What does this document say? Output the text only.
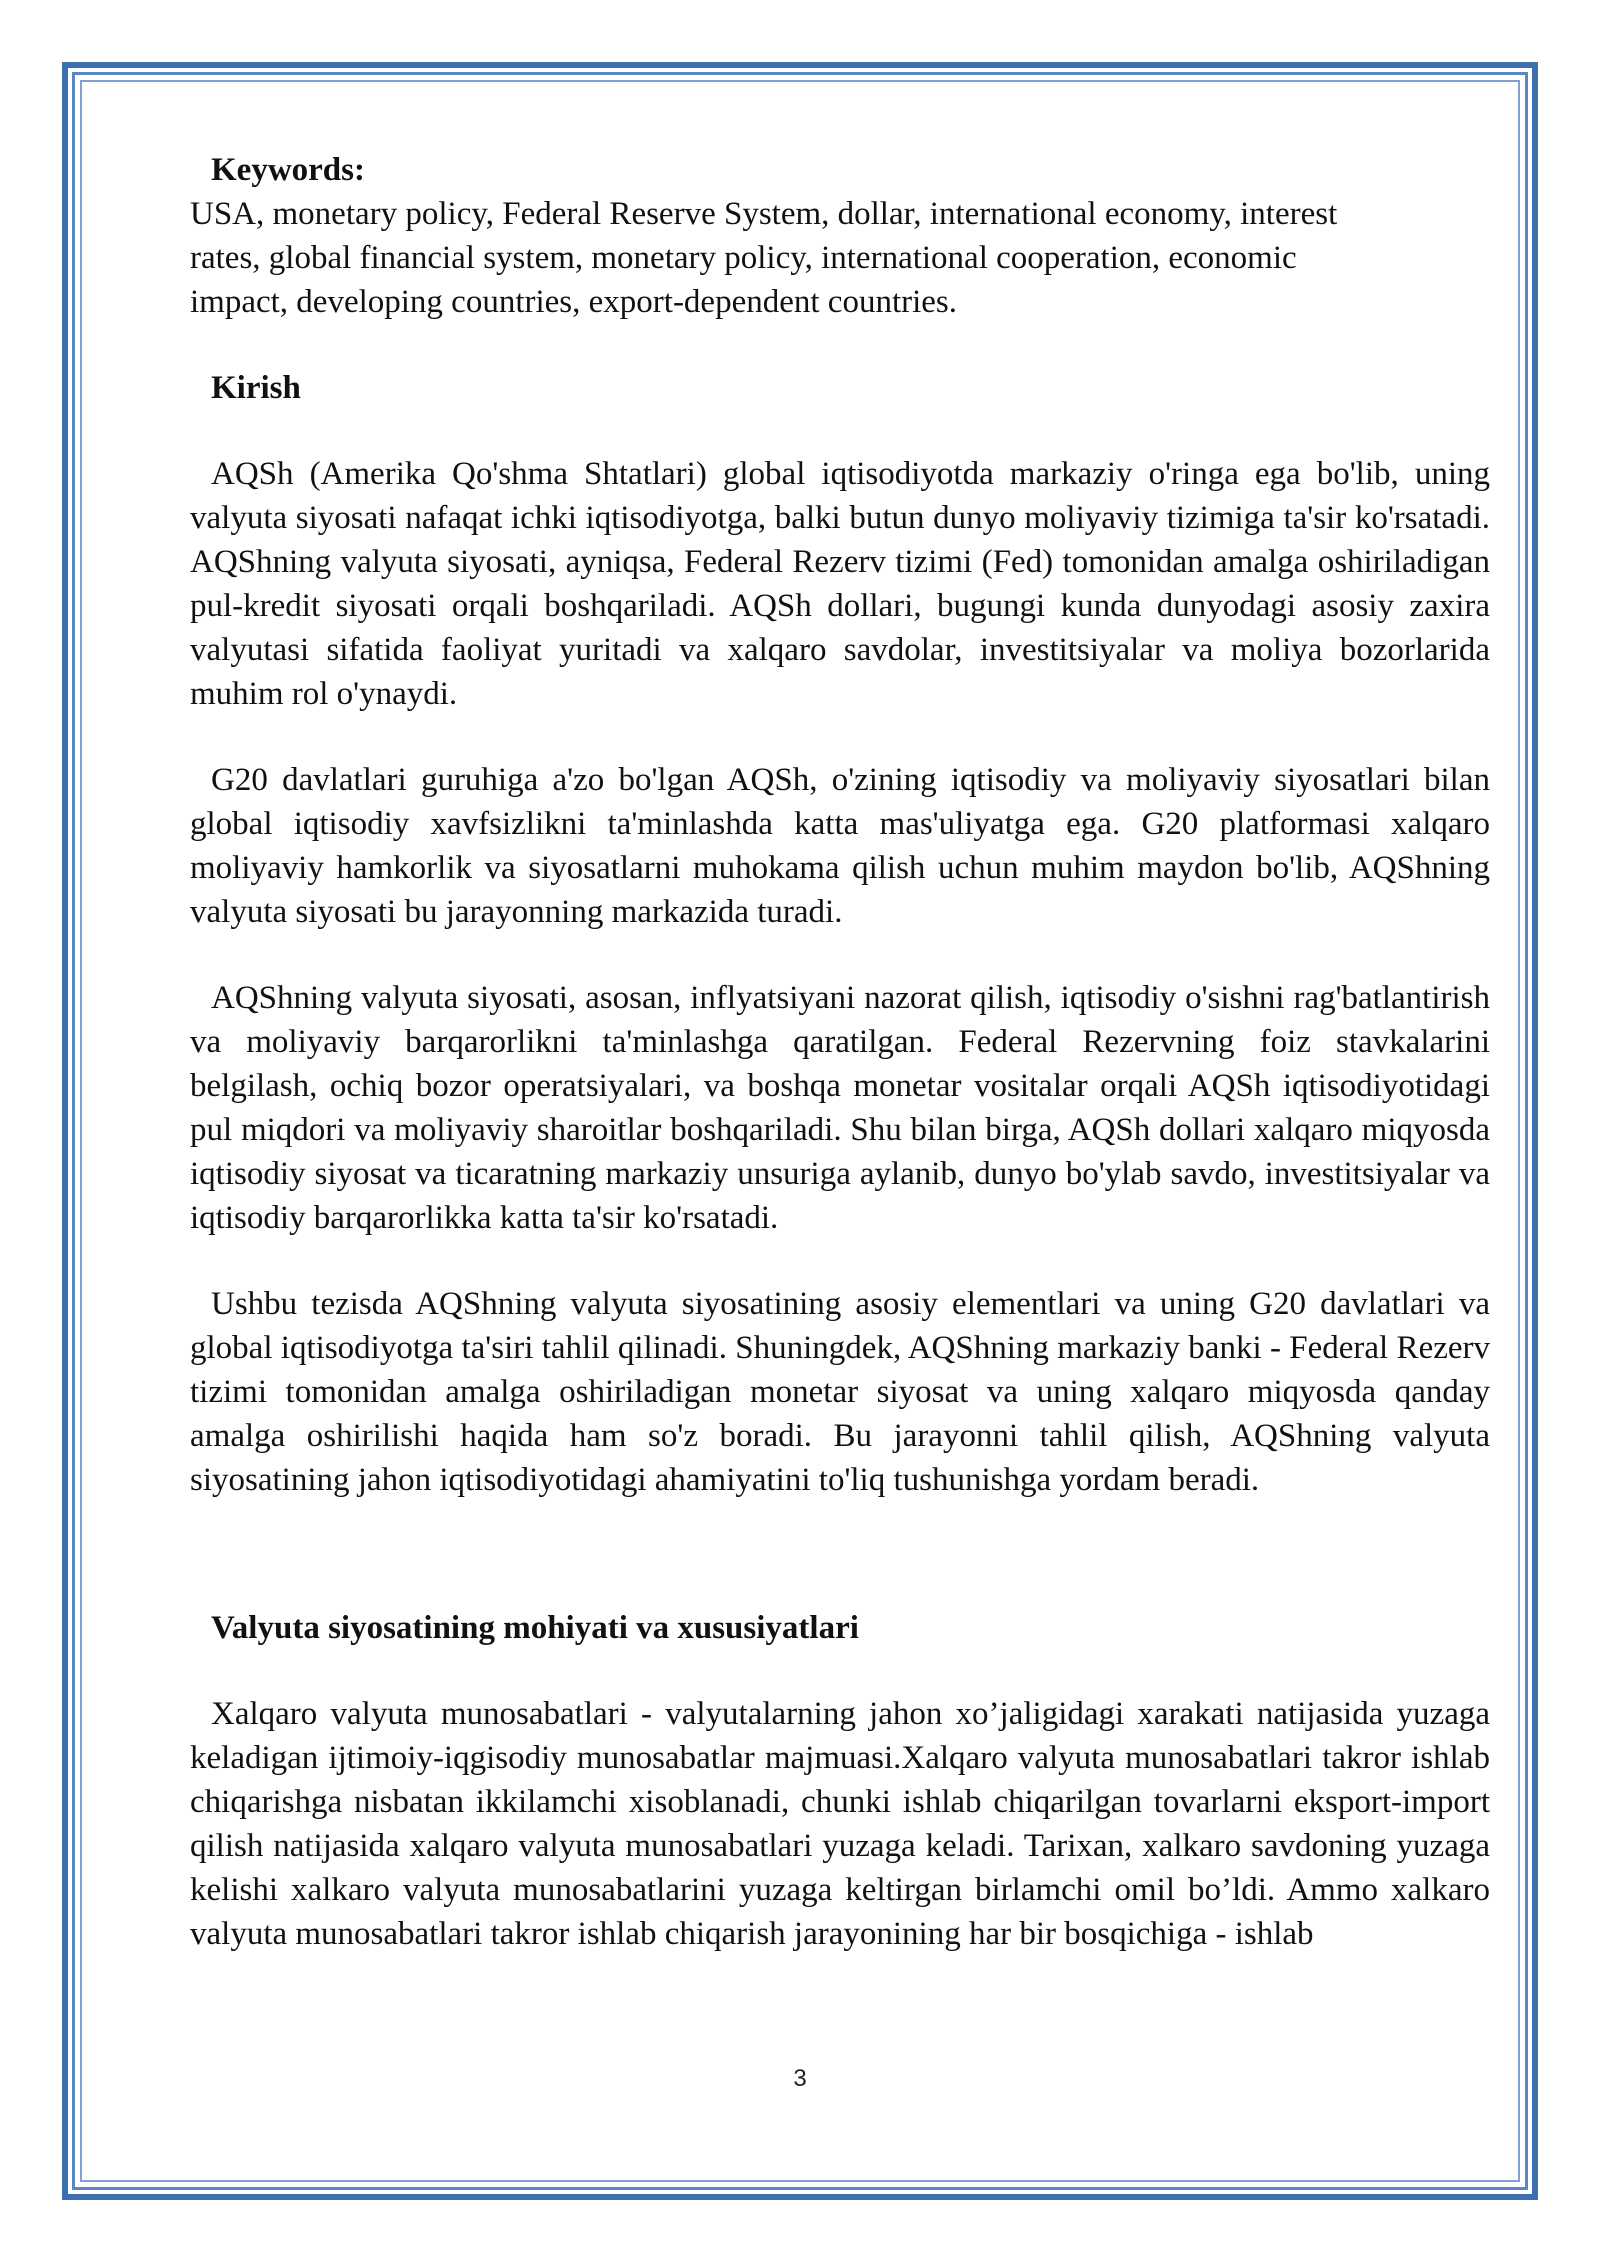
Keywords:

USA, monetary policy, Federal Reserve System, dollar, international economy, interest rates, global financial system, monetary policy, international cooperation, economic impact, developing countries, export-dependent countries.

Kirish

AQSh (Amerika Qo'shma Shtatlari) global iqtisodiyotda markaziy o'ringa ega bo'lib, uning valyuta siyosati nafaqat ichki iqtisodiyotga, balki butun dunyo moliyaviy tizimiga ta'sir ko'rsatadi. AQShning valyuta siyosati, ayniqsa, Federal Rezerv tizimi (Fed) tomonidan amalga oshiriladigan pul-kredit siyosati orqali boshqariladi. AQSh dollari, bugungi kunda dunyodagi asosiy zaxira valyutasi sifatida faoliyat yuritadi va xalqaro savdolar, investitsiyalar va moliya bozorlarida muhim rol o'ynaydi.

G20 davlatlari guruhiga a'zo bo'lgan AQSh, o'zining iqtisodiy va moliyaviy siyosatlari bilan global iqtisodiy xavfsizlikni ta'minlashda katta mas'uliyatga ega. G20 platformasi xalqaro moliyaviy hamkorlik va siyosatlarni muhokama qilish uchun muhim maydon bo'lib, AQShning valyuta siyosati bu jarayonning markazida turadi.

AQShning valyuta siyosati, asosan, inflyatsiyani nazorat qilish, iqtisodiy o'sishni rag'batlantirish va moliyaviy barqarorlikni ta'minlashga qaratilgan. Federal Rezervning foiz stavkalarini belgilash, ochiq bozor operatsiyalari, va boshqa monetar vositalar orqali AQSh iqtisodiyotidagi pul miqdori va moliyaviy sharoitlar boshqariladi. Shu bilan birga, AQSh dollari xalqaro miqyosda iqtisodiy siyosat va ticaratning markaziy unsuriga aylanib, dunyo bo'ylab savdo, investitsiyalar va iqtisodiy barqarorlikka katta ta'sir ko'rsatadi.

Ushbu tezisda AQShning valyuta siyosatining asosiy elementlari va uning G20 davlatlari va global iqtisodiyotga ta'siri tahlil qilinadi. Shuningdek, AQShning markaziy banki - Federal Rezerv tizimi tomonidan amalga oshiriladigan monetar siyosat va uning xalqaro miqyosda qanday amalga oshirilishi haqida ham so'z boradi. Bu jarayonni tahlil qilish, AQShning valyuta siyosatining jahon iqtisodiyotidagi ahamiyatini to'liq tushunishga yordam beradi.

Valyuta siyosatining mohiyati va xususiyatlari

Xalqaro valyuta munosabatlari - valyutalarning jahon xo’jaligidagi xarakati natijasida yuzaga keladigan ijtimoiy-iqgisodiy munosabatlar majmuasi.Xalqaro valyuta munosabatlari takror ishlab chiqarishga nisbatan ikkilamchi xisoblanadi, chunki ishlab chiqarilgan tovarlarni eksport-import qilish natijasida xalqaro valyuta munosabatlari yuzaga keladi. Tarixan, xalkaro savdoning yuzaga kelishi xalkaro valyuta munosabatlarini yuzaga keltirgan birlamchi omil bo’ldi. Ammo xalkaro valyuta munosabatlari takror ishlab chiqarish jarayonining har bir bosqichiga - ishlab

3
